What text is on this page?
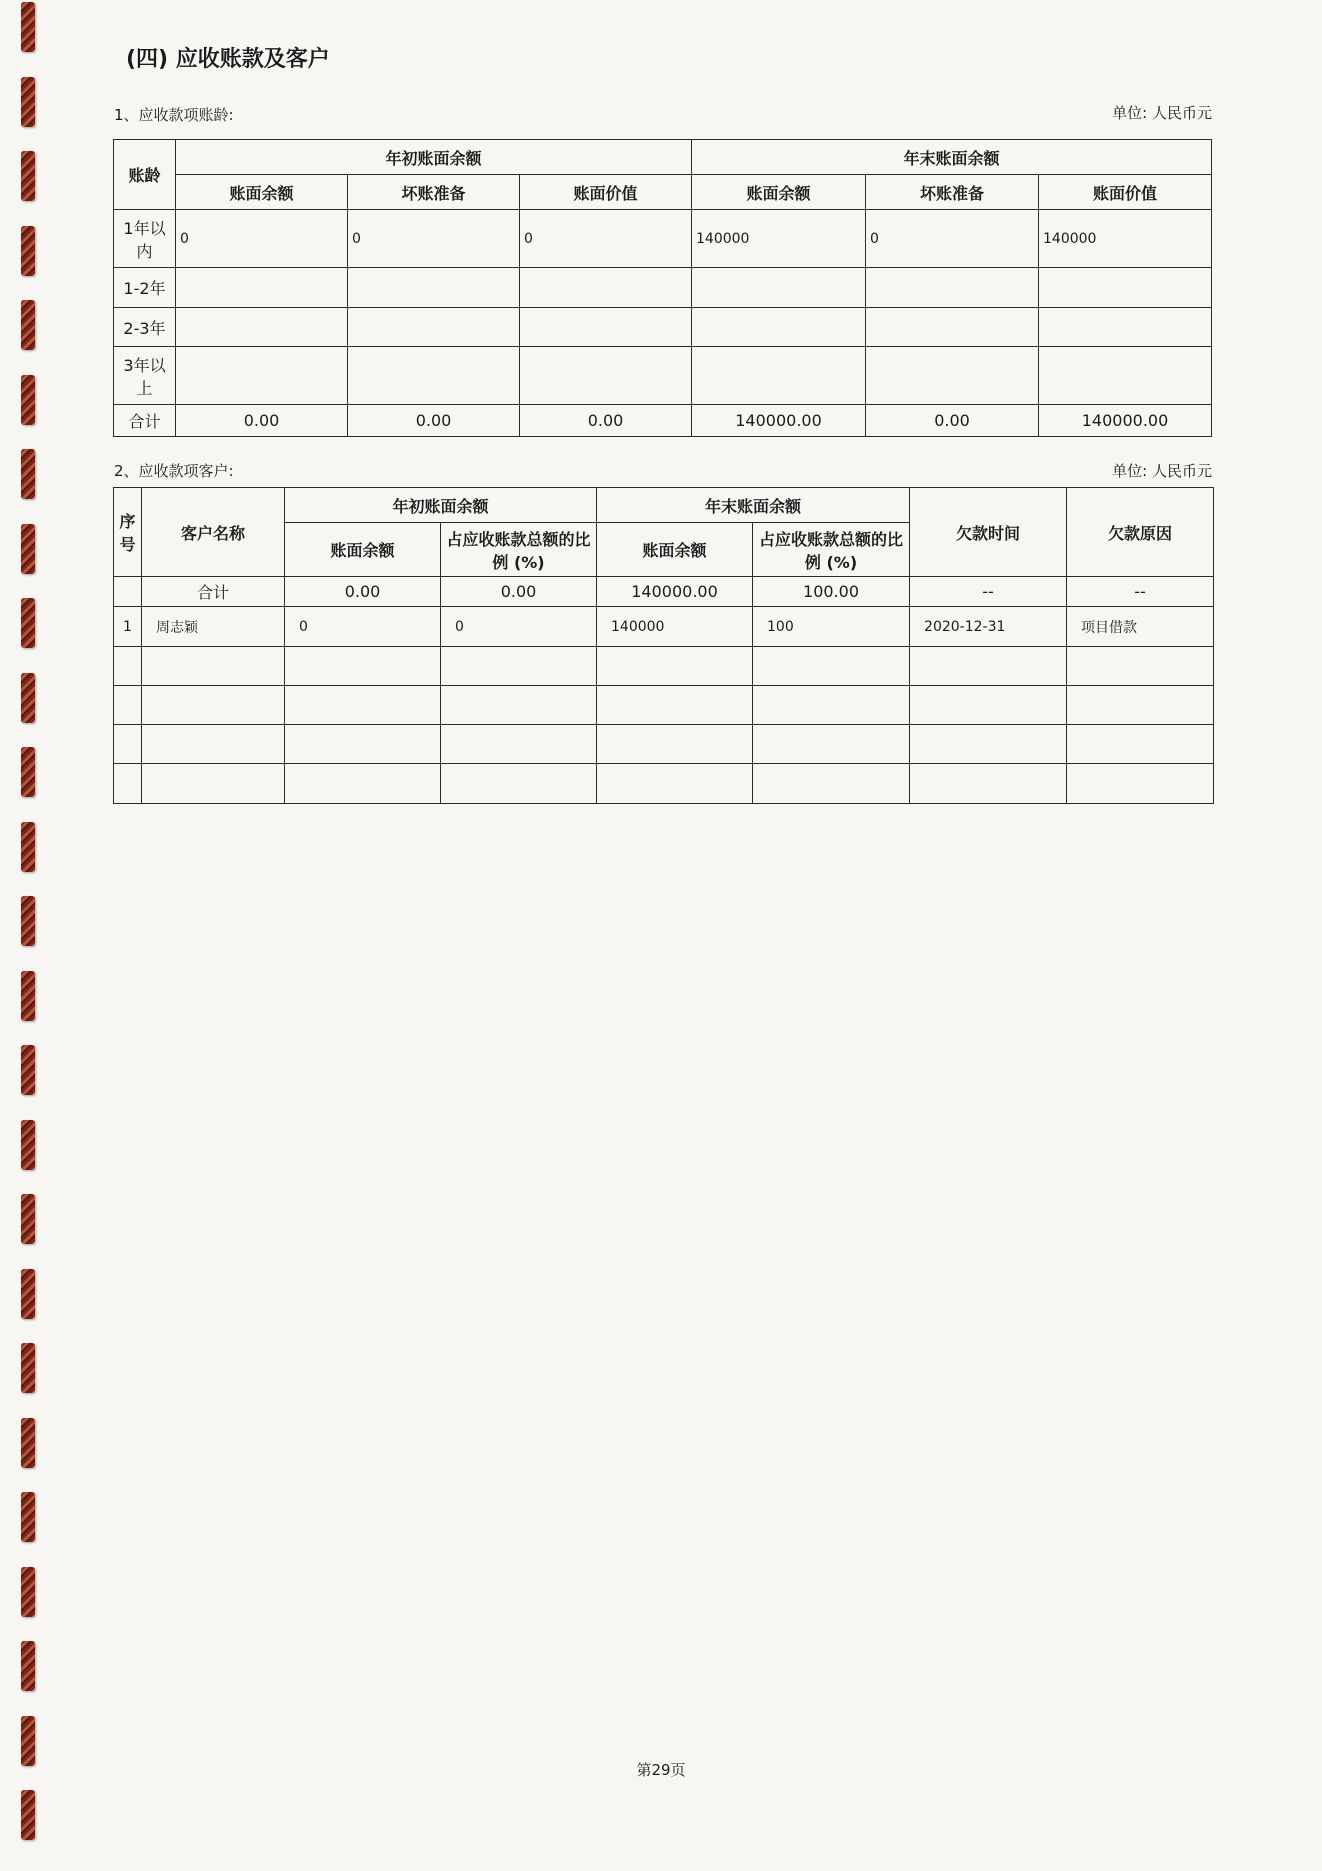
(四) 应收账款及客户
1、应收款项账龄:	单位: 人民币元
账龄	年初账面余额			年末账面余额		
	账面余额	坏账准备	账面价值	账面余额	坏账准备	账面价值
1年以内	0	0	0	140000	0	140000
1-2年						
2-3年						
3年以上						
合计	0.00	0.00	0.00	140000.00	0.00	140000.00
2、应收款项客户:	单位: 人民币元
序号	客户名称	年初账面余额		年末账面余额		欠款时间	欠款原因
		账面余额	占应收账款总额的比例 (%)	账面余额	占应收账款总额的比例 (%)		
	合计	0.00	0.00	140000.00	100.00	--	--
1	周志颖	0	0	140000	100	2020-12-31	项目借款

第29页
